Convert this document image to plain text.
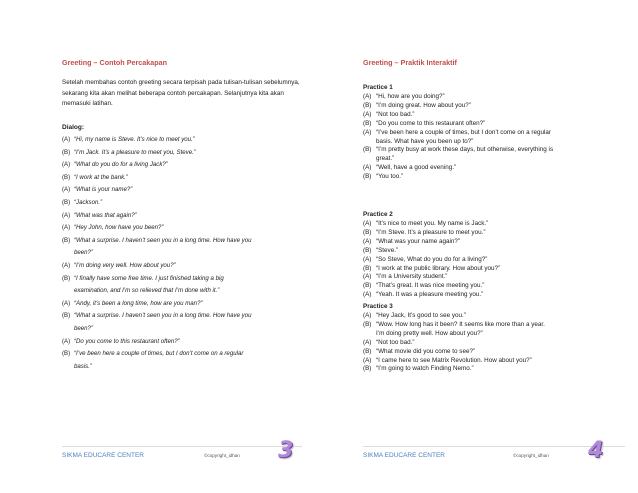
Greeting – Contoh Percakapan
Setelah membahas contoh greeting secara terpisah pada tulisan-tulisan sebelumnya, sekarang kita akan melihat beberapa contoh percakapan. Selanjutnya kita akan memasuki latihan.
Dialog:
(A) “Hi, my name is Steve. It’s nice to meet you.”
(B) “I’m Jack. It’s a pleasure to meet you, Steve.”
(A) “What do you do for a living Jack?”
(B) “I work at the bank.”
(A) “What is your name?”
(B) “Jackson.”
(A) “What was that again?”
(A) “Hey John, how have you been?”
(B) “What a surprise. I haven’t seen you in a long time. How have you
been?”
(A) “I’m doing very well. How about you?”
(B) “I finally have some free time. I just finished taking a big
examination, and I’m so relieved that I’m done with it.”
(A) “Andy, it’s been a long time, how are you man?”
(B) “What a surprise. I haven’t seen you in a long time. How have you
been?”
(A) “Do you come to this restaurant often?”
(B) “I’ve been here a couple of times, but I don’t come on a regular
basis.”
SIKMA EDUCARE CENTER	©copyright_idhan 3
Greeting – Praktik Interaktif
Practice 1
(A) “Hi, how are you doing?”
(B) “I’m doing great. How about you?”
(A) “Not too bad.”
(B) “Do you come to this restaurant often?”
(A) “I’ve been here a couple of times, but I don’t come on a regular
basis. What have you been up to?”
(B) “I’m pretty busy at work these days, but otherwise, everything is
great.”
(A) “Well, have a good evening.”
(B) “You too.”
Practice 2
(A) “It’s nice to meet you. My name is Jack.”
(B) “I’m Steve. It’s a pleasure to meet you.”
(A) “What was your name again?”
(B) “Steve.”
(A) “So Steve, What do you do for a living?”
(B) “I work at the public library. How about you?”
(A) “I’m a University student.”
(B) “That’s great. It was nice meeting you.”
(A) “Yeah. It was a pleasure meeting you.”
Practice 3
(A) “Hey Jack, It’s good to see you.”
(B) “Wow. How long has it been? It seems like more than a year.
I’m doing pretty well. How about you?”
(A) “Not too bad.”
(B) “What movie did you come to see?”
(A) “I came here to see Matrix Revolution. How about you?”
(B) “I’m going to watch Finding Nemo.”
SIKMA EDUCARE CENTER	©copyright_idhan 4
